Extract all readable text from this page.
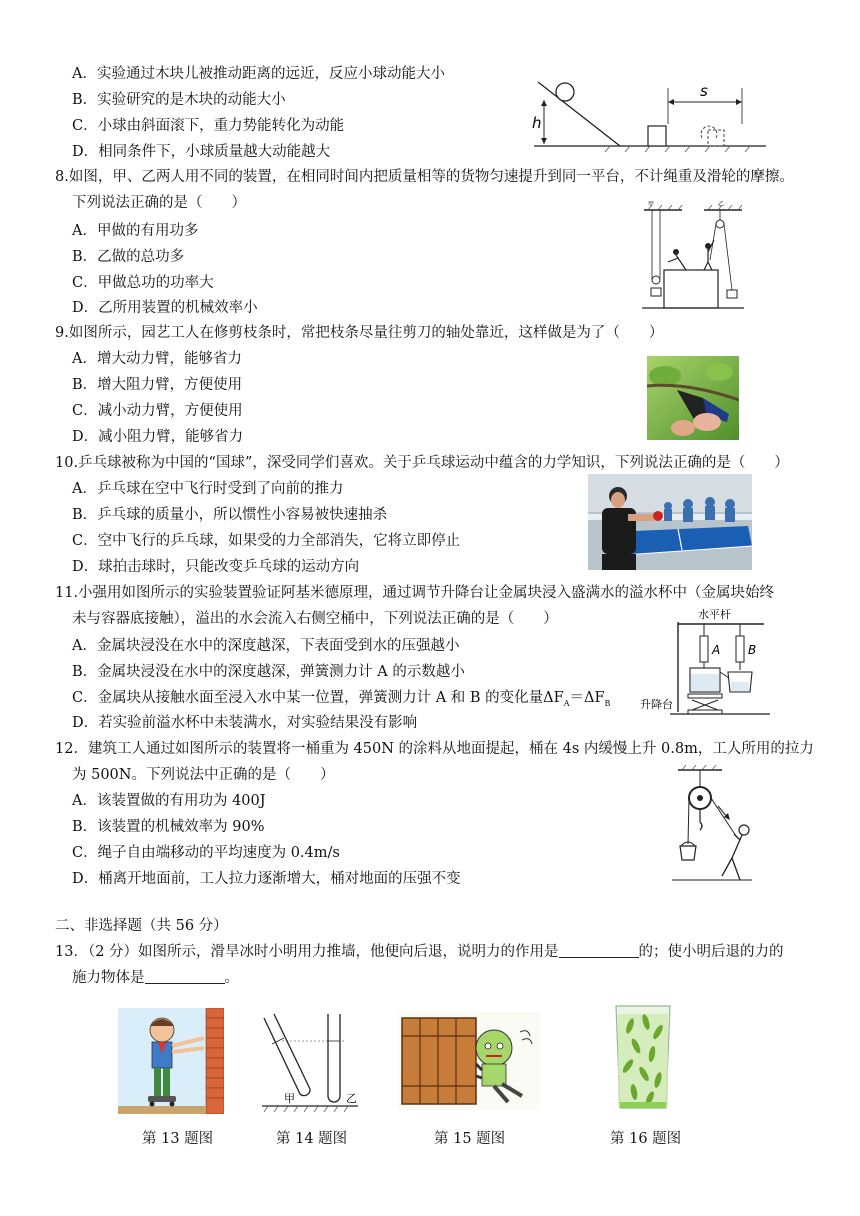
A．实验通过木块儿被推动距离的远近，反应小球动能大小
B．实验研究的是木块的动能大小
C．小球由斜面滚下，重力势能转化为动能
D．相同条件下，小球质量越大动能越大
h
s
8.如图，甲、乙两人用不同的装置，在相同时间内把质量相等的货物匀速提升到同一平台，不计绳重及滑轮的摩擦。
下列说法正确的是（　　）
A．甲做的有用功多
B．乙做的总功多
C．甲做总功的功率大
D．乙所用装置的机械效率小
甲	乙
9.如图所示，园艺工人在修剪枝条时，常把枝条尽量往剪刀的轴处靠近，这样做是为了（　　）
A．增大动力臂，能够省力
B．增大阻力臂，方便使用
C．减小动力臂，方便使用
D．减小阻力臂，能够省力
10.乒乓球被称为中国的“国球”，深受同学们喜欢。关于乒乓球运动中蕴含的力学知识，下列说法正确的是（　　）
A．乒乓球在空中飞行时受到了向前的推力
B．乒乓球的质量小，所以惯性小容易被快速抽杀
C．空中飞行的乒乓球，如果受的力全部消失，它将立即停止
D．球拍击球时，只能改变乒乓球的运动方向
11.小强用如图所示的实验装置验证阿基米德原理，通过调节升降台让金属块浸入盛满水的溢水杯中（金属块始终
未与容器底接触），溢出的水会流入右侧空桶中，下列说法正确的是（　　）
A．金属块浸没在水中的深度越深，下表面受到水的压强越小
B．金属块浸没在水中的深度越深，弹簧测力计 A 的示数越小
C．金属块从接触水面至浸入水中某一位置，弹簧测力计 A 和 B 的变化量$\Delta F_A=\Delta F_B$
D．若实验前溢水杯中未装满水，对实验结果没有影响
水平杆
A B
升降台
12．建筑工人通过如图所示的装置将一桶重为 450N 的涂料从地面提起，桶在 4s 内缓慢上升 0.8m，工人所用的拉力
为 500N。下列说法中正确的是（　　）
A．该装置做的有用功为 400J
B．该装置的机械效率为 90%
C．绳子自由端移动的平均速度为 0.4m/s
D．桶离开地面前，工人拉力逐渐增大，桶对地面的压强不变
二、非选择题（共 56 分）
13．（2 分）如图所示，滑旱冰时小明用力推墙，他便向后退，说明力的作用是	的；使小明后退的力的
施力物体是	。
甲	乙
第 13 题图	第 14 题图	第 15 题图	第 16 题图
